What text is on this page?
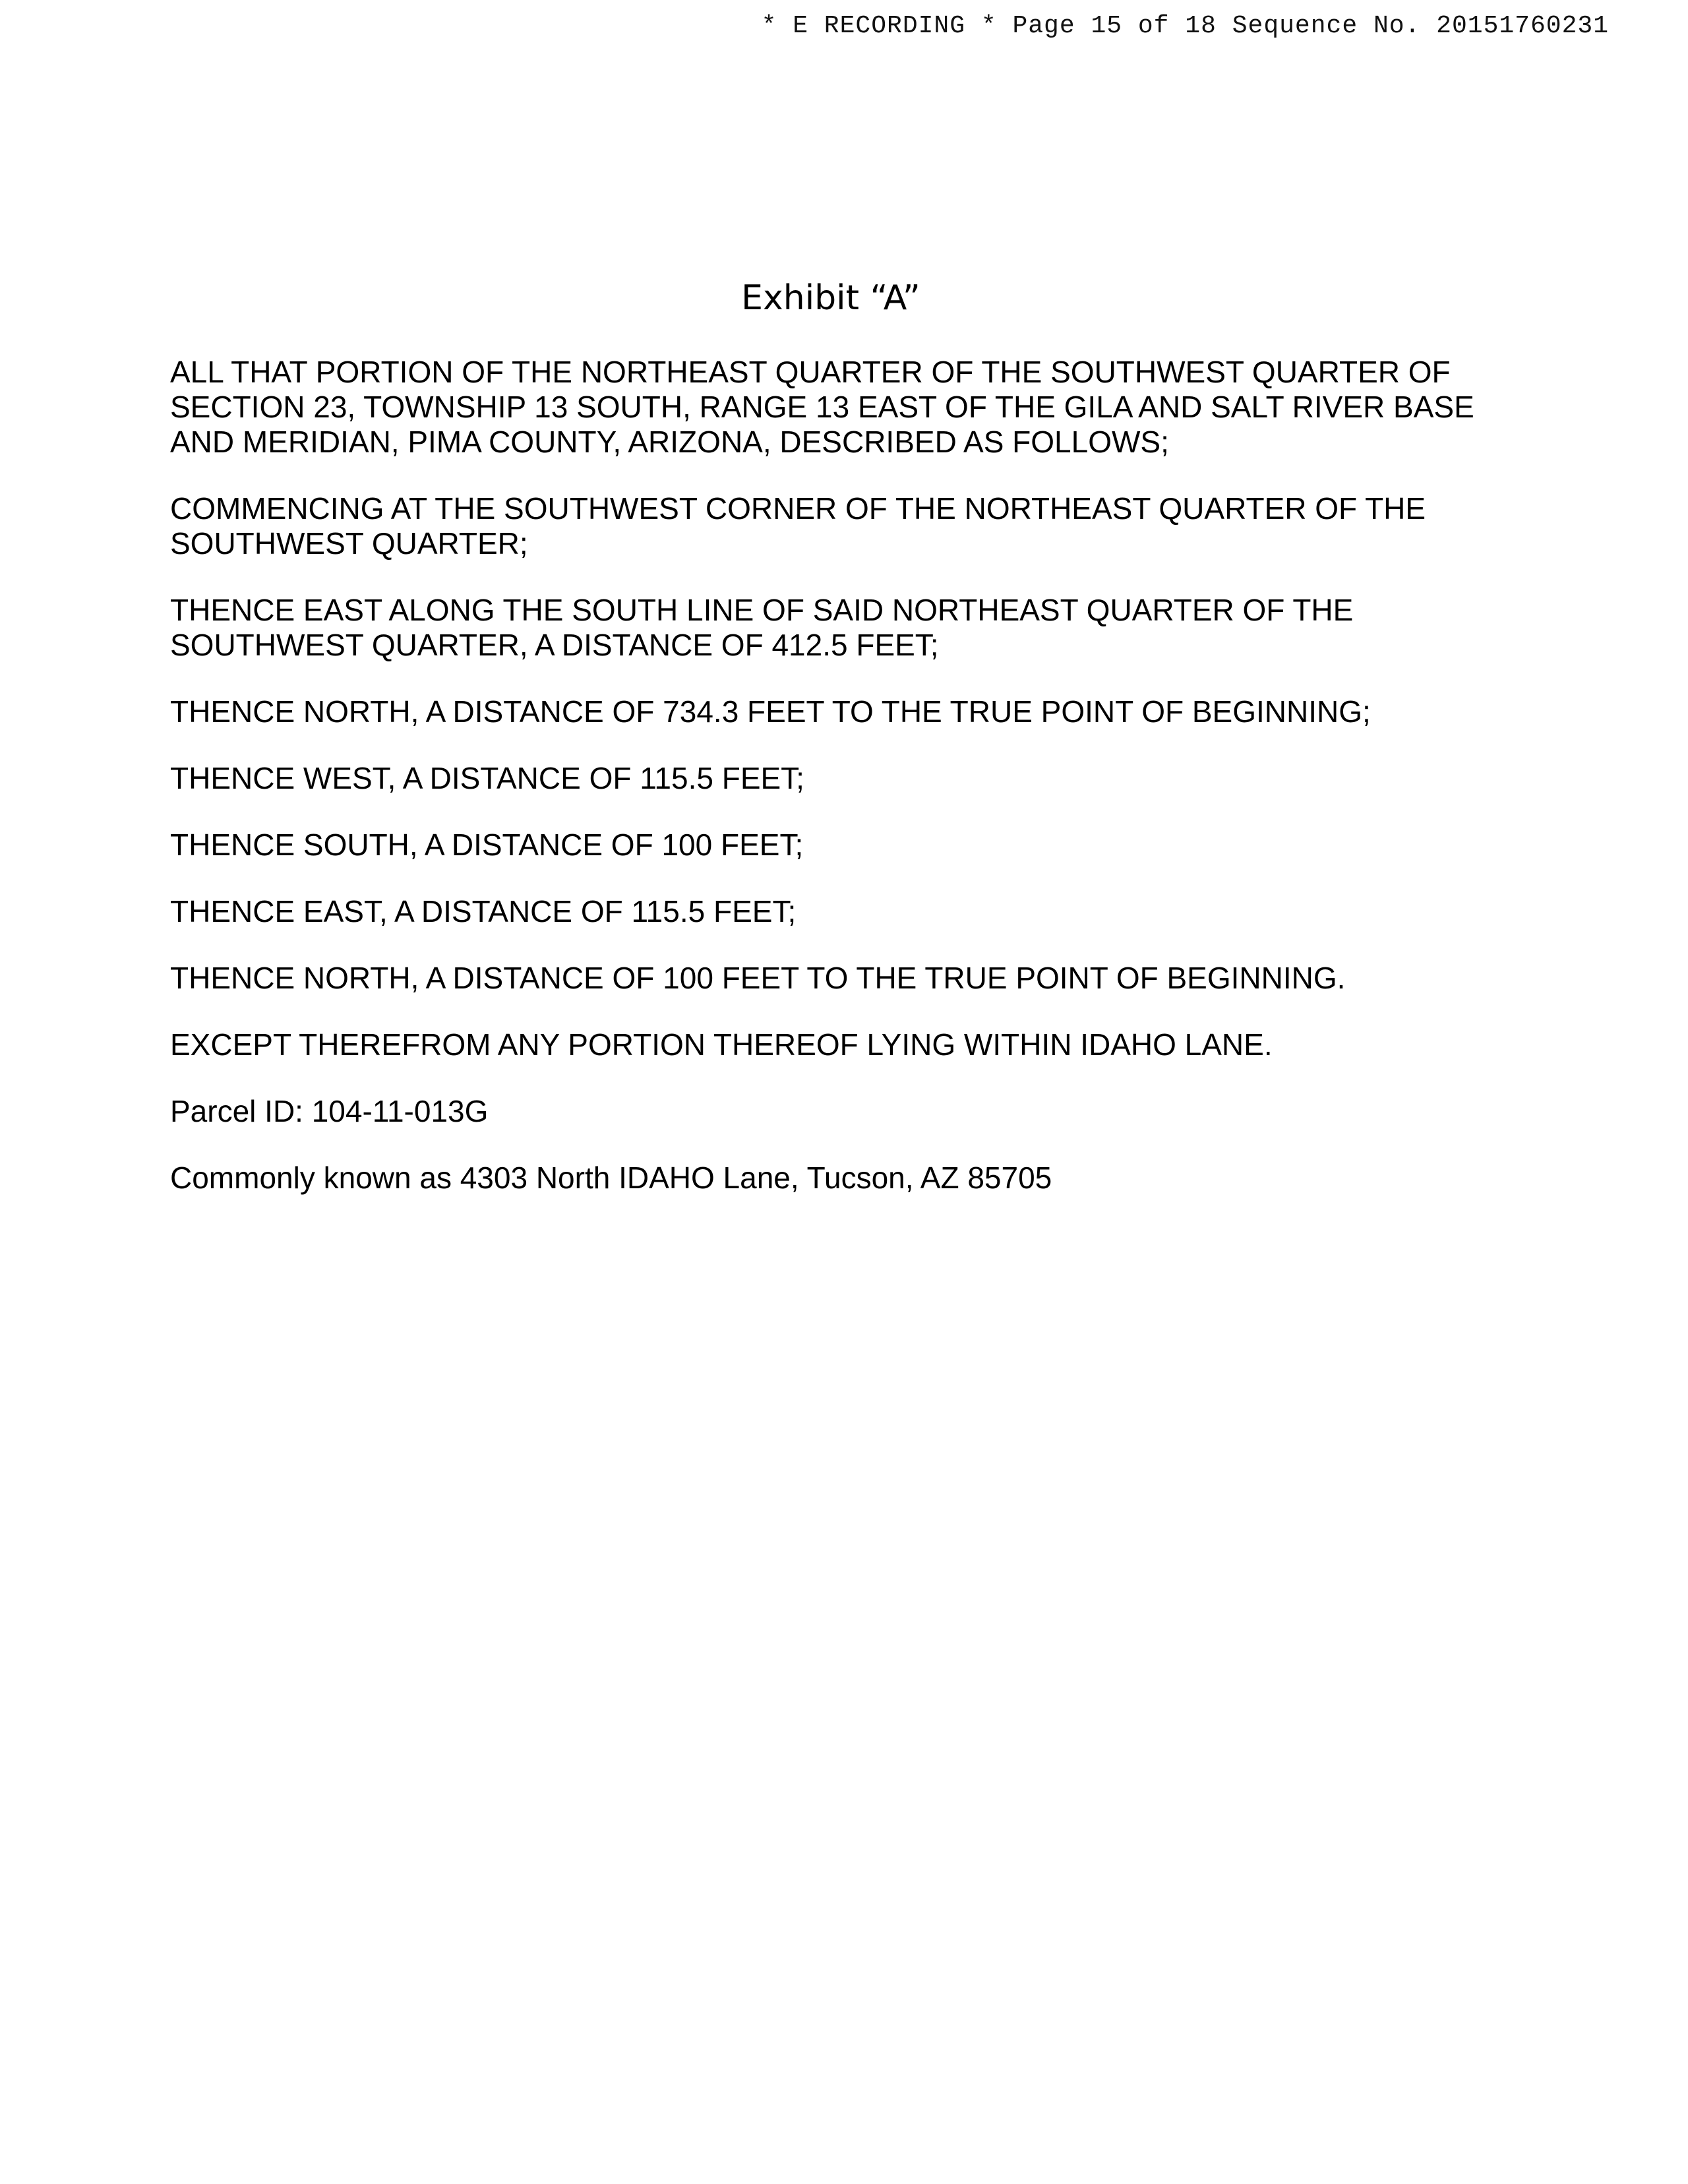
* E RECORDING * Page 15 of 18 Sequence No. 20151760231
Exhibit “A”

ALL THAT PORTION OF THE NORTHEAST QUARTER OF THE SOUTHWEST QUARTER OF SECTION 23, TOWNSHIP 13 SOUTH, RANGE 13 EAST OF THE GILA AND SALT RIVER BASE AND MERIDIAN, PIMA COUNTY, ARIZONA, DESCRIBED AS FOLLOWS;

COMMENCING AT THE SOUTHWEST CORNER OF THE NORTHEAST QUARTER OF THE SOUTHWEST QUARTER;

THENCE EAST ALONG THE SOUTH LINE OF SAID NORTHEAST QUARTER OF THE SOUTHWEST QUARTER, A DISTANCE OF 412.5 FEET;

THENCE NORTH, A DISTANCE OF 734.3 FEET TO THE TRUE POINT OF BEGINNING;

THENCE WEST, A DISTANCE OF 115.5 FEET;

THENCE SOUTH, A DISTANCE OF 100 FEET;

THENCE EAST, A DISTANCE OF 115.5 FEET;

THENCE NORTH, A DISTANCE OF 100 FEET TO THE TRUE POINT OF BEGINNING.

EXCEPT THEREFROM ANY PORTION THEREOF LYING WITHIN IDAHO LANE.

Parcel ID: 104-11-013G

Commonly known as 4303 North IDAHO Lane, Tucson, AZ 85705
